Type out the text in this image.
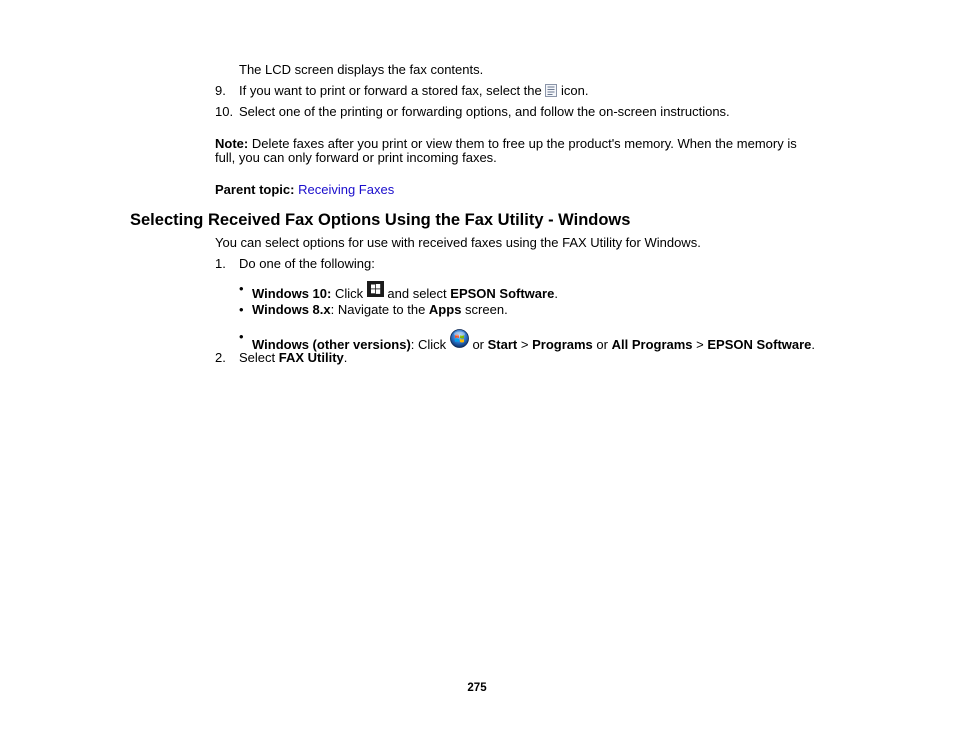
The LCD screen displays the fax contents.
9. If you want to print or forward a stored fax, select the icon.
10. Select one of the printing or forwarding options, and follow the on-screen instructions.
Note: Delete faxes after you print or view them to free up the product's memory. When the memory is
full, you can only forward or print incoming faxes.
Parent topic: Receiving Faxes
Selecting Received Fax Options Using the Fax Utility - Windows
You can select options for use with received faxes using the FAX Utility for Windows.
1. Do one of the following:
• Windows 10: Click and select EPSON Software.
• Windows 8.x: Navigate to the Apps screen.
•
Windows (other versions): Click or Start > Programs or All Programs > EPSON Software.
2. Select FAX Utility.
275
